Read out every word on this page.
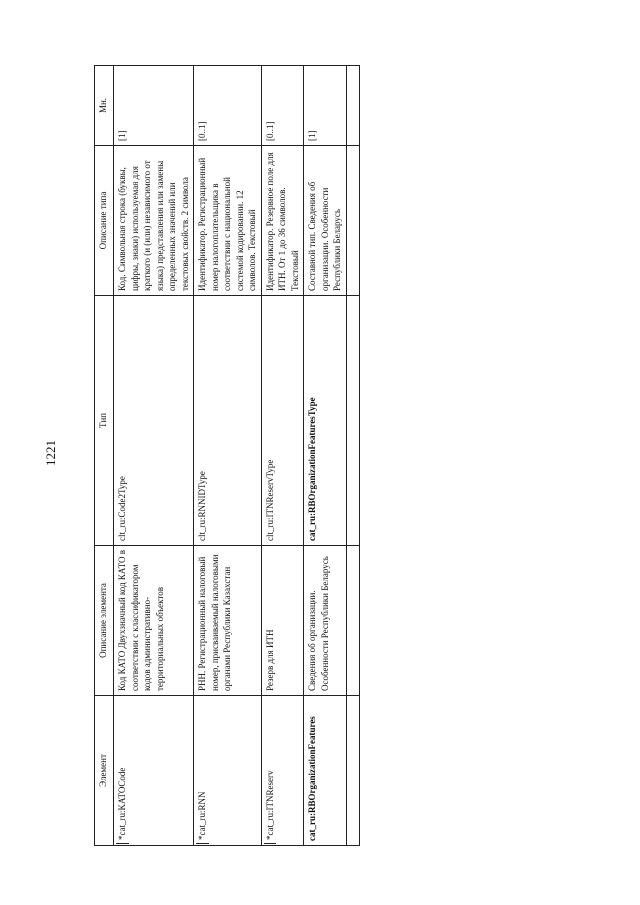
1221
Элемент	Описание элемента	Тип	Описание типа	Мн.

*cat_ru:KATOCode	Код КАТО Двухзначный код КАТО в соответствии с классификатором кодов административно-территориальных объектов	clt_ru:Code2Type	Код. Символьная строка (буквы, цифры, знаки) используемая для краткого (и (или) независимого от языка) представления или замены определенных значений или текстовых свойств. 2 символа	[1]

*cat_ru:RNN	РНН. Регистрационный налоговый номер, присваиваемый налоговыми органами Республики Казахстан	clt_ru:RNNIDType	Идентификатор. Регистрационный номер налогоплательщика в соответствии с национальной системой кодировании. 12 символов. Текстовый	[0..1]

*cat_ru:ITNReserv	Резерв для ИТН	clt_ru:ITNReservType	Идентификатор. Резервное поле для ИТН. От 1 до 36 символов. Текстовый	[0..1]

cat_ru:RBOrganizationFeatures	Сведения об организации. Особенности Республики Беларусь	cat_ru:RBOrganizationFeaturesType	Составной тип. Сведения об организации. Особенности Республики Беларусь	[1]
